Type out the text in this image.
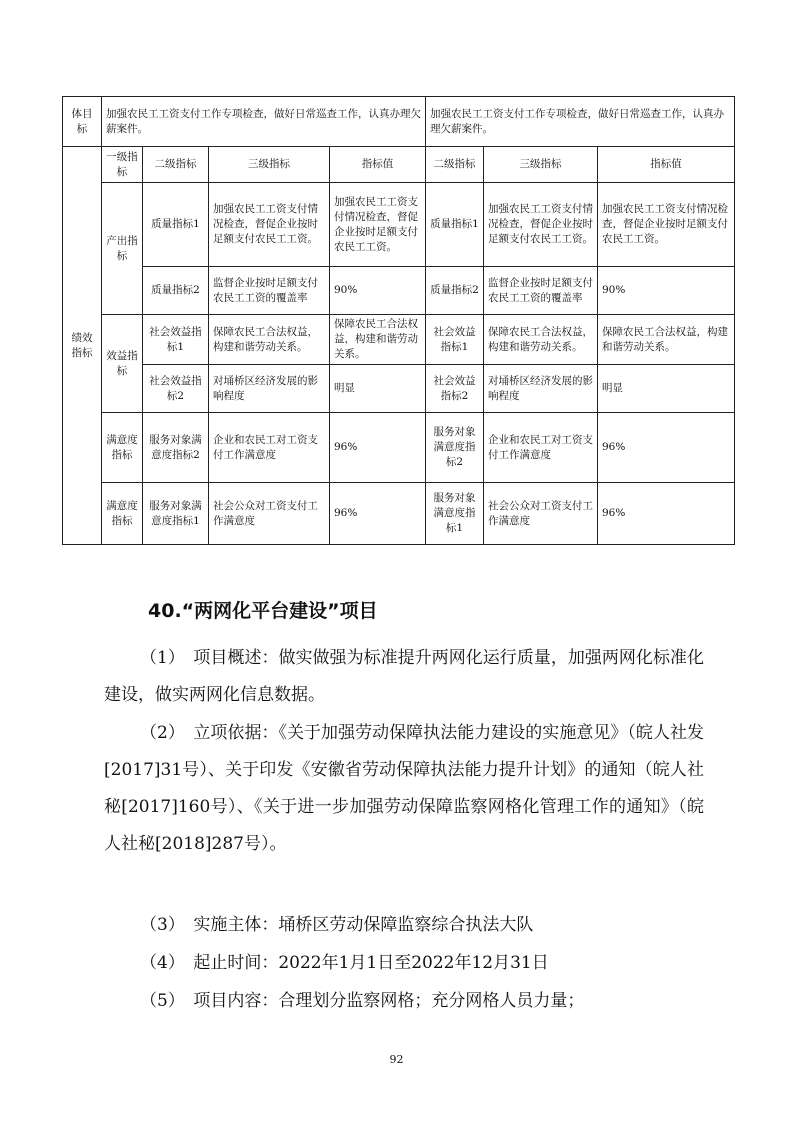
体目标	加强农民工工资支付工作专项检查，做好日常巡查工作，认真办理欠薪案件。				加强农民工工资支付工作专项检查，做好日常巡查工作，认真办理欠薪案件。		
绩效指标	一级指标	二级指标	三级指标	指标值	二级指标	三级指标	指标值
	产出指标	质量指标1	加强农民工工资支付情况检查，督促企业按时足额支付农民工工资。	加强农民工工资支付情况检查，督促企业按时足额支付农民工工资。	质量指标1	加强农民工工资支付情况检查，督促企业按时足额支付农民工工资。	加强农民工工资支付情况检查，督促企业按时足额支付农民工工资。
		质量指标2	监督企业按时足额支付农民工工资的覆盖率	90%	质量指标2	监督企业按时足额支付农民工工资的覆盖率	90%
	效益指标	社会效益指标1	保障农民工合法权益，构建和谐劳动关系。	保障农民工合法权益，构建和谐劳动关系。	社会效益指标1	保障农民工合法权益，构建和谐劳动关系。	保障农民工合法权益，构建和谐劳动关系。
		社会效益指标2	对埇桥区经济发展的影响程度	明显	社会效益指标2	对埇桥区经济发展的影响程度	明显
	满意度指标	服务对象满意度指标2	企业和农民工对工资支付工作满意度	96%	服务对象满意度指标2	企业和农民工对工资支付工作满意度	96%
	满意度指标	服务对象满意度指标1	社会公众对工资支付工作满意度	96%	服务对象满意度指标1	社会公众对工资支付工作满意度	96%
40.“两网化平台建设”项目
（1）　项目概述：做实做强为标准提升两网化运行质量，加强两网化标准化建设，做实两网化信息数据。
（2）　立项依据：《关于加强劳动保障执法能力建设的实施意见》（皖人社发[2017]31号）、关于印发《安徽省劳动保障执法能力提升计划》的通知（皖人社秘[2017]160号）、《关于进一步加强劳动保障监察网格化管理工作的通知》（皖人社秘[2018]287号）。
（3）　实施主体：埇桥区劳动保障监察综合执法大队
（4）　起止时间：2022年1月1日至2022年12月31日
（5）　项目内容：合理划分监察网格；充分网格人员力量；
92
